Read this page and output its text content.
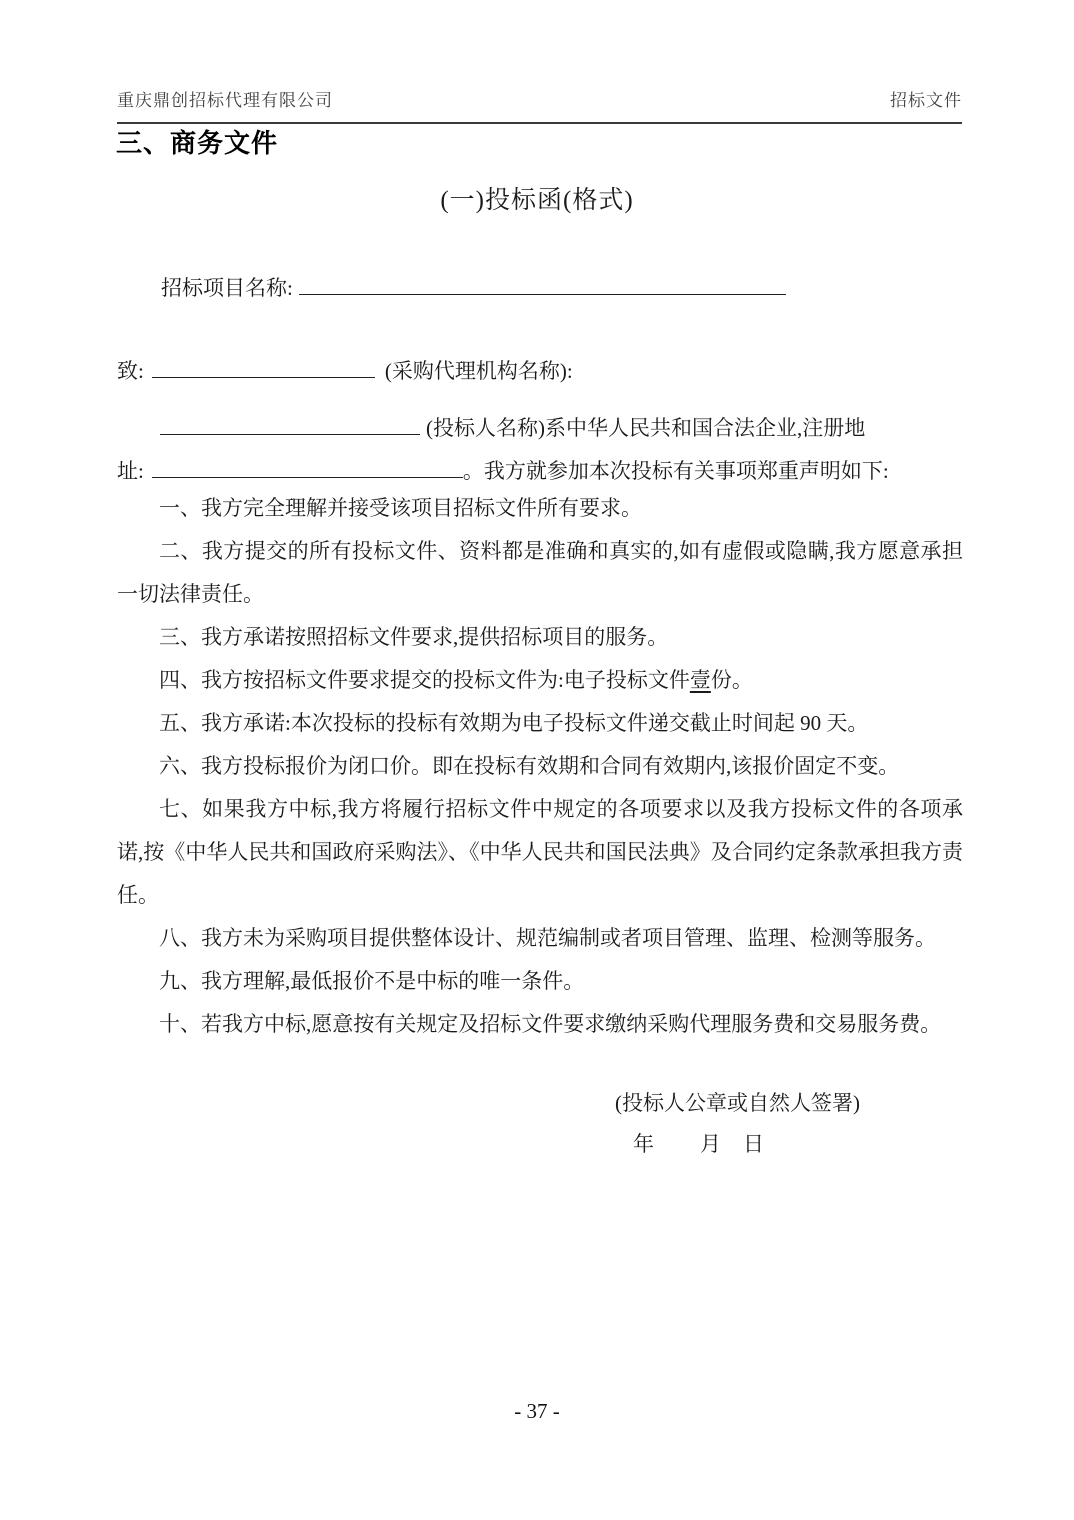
重庆鼎创招标代理有限公司	招标文件
三、商务文件
(一)投标函(格式)
招标项目名称:
致:	(采购代理机构名称):
(投标人名称)系中华人民共和国合法企业,注册地
址:	。我方就参加本次投标有关事项郑重声明如下:

一、我方完全理解并接受该项目招标文件所有要求。

二、我方提交的所有投标文件、资料都是准确和真实的,如有虚假或隐瞒,我方愿意承担一切法律责任。

三、我方承诺按照招标文件要求,提供招标项目的服务。

四、我方按招标文件要求提交的投标文件为:电子投标文件壹份。

五、我方承诺:本次投标的投标有效期为电子投标文件递交截止时间起 90 天。

六、我方投标报价为闭口价。即在投标有效期和合同有效期内,该报价固定不变。

七、如果我方中标,我方将履行招标文件中规定的各项要求以及我方投标文件的各项承诺,按《中华人民共和国政府采购法》、《中华人民共和国民法典》及合同约定条款承担我方责任。

八、我方未为采购项目提供整体设计、规范编制或者项目管理、监理、检测等服务。

九、我方理解,最低报价不是中标的唯一条件。

十、若我方中标,愿意按有关规定及招标文件要求缴纳采购代理服务费和交易服务费。

(投标人公章或自然人签署)
年 月 日
- 37 -
